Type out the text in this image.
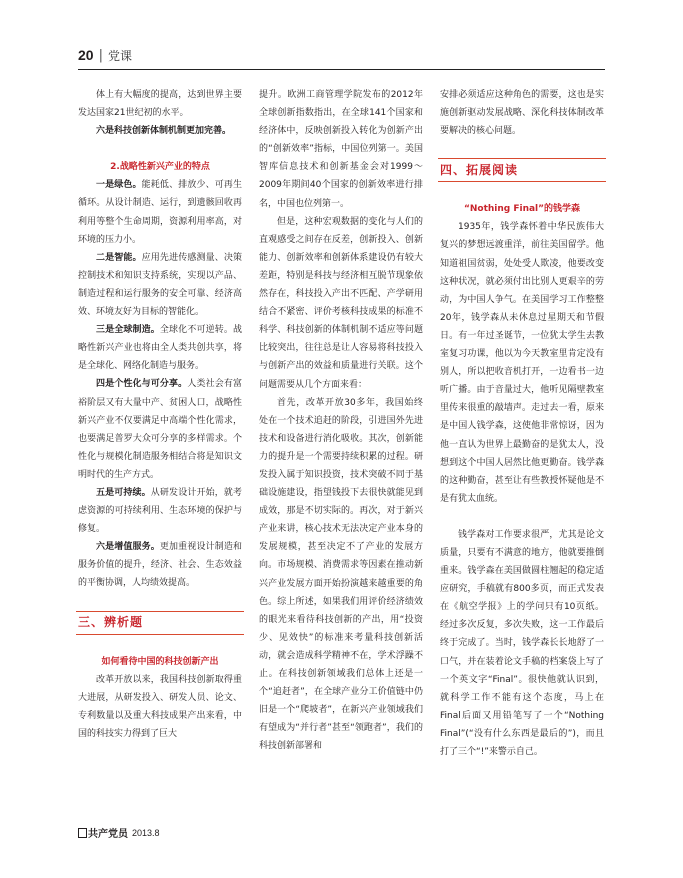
20 | 党课

体上有大幅度的提高，达到世界主要发达国家21世纪初的水平。

六是科技创新体制机制更加完善。

2.战略性新兴产业的特点

一是绿色。能耗低、排放少、可再生循环。从设计制造、运行，到遗骸回收再利用等整个生命周期，资源利用率高，对环境的压力小。

二是智能。应用先进传感测量、决策控制技术和知识支持系统，实现以产品、制造过程和运行服务的安全可靠、经济高效、环境友好为目标的智能化。

三是全球制造。全球化不可逆转。战略性新兴产业也将由全人类共创共享，将是全球化、网络化制造与服务。

四是个性化与可分享。人类社会有富裕阶层又有大量中产、贫困人口，战略性新兴产业不仅要满足中高端个性化需求，也要满足普罗大众可分享的多样需求。个性化与规模化制造服务相结合将是知识文明时代的生产方式。

五是可持续。从研发设计开始，就考虑资源的可持续利用、生态环境的保护与修复。

六是增值服务。更加重视设计制造和服务价值的提升，经济、社会、生态效益的平衡协调，人均绩效提高。

三、辨析题

如何看待中国的科技创新产出

改革开放以来，我国科技创新取得重大进展，从研发投入、研发人员、论文、专利数量以及重大科技成果产出来看，中国的科技实力得到了巨大

提升。欧洲工商管理学院发布的2012年全球创新指数指出，在全球141个国家和经济体中，反映创新投入转化为创新产出的“创新效率”指标，中国位列第一。美国智库信息技术和创新基金会对1999～2009年期间40个国家的创新效率进行排名，中国也位列第一。

但是，这种宏观数据的变化与人们的直观感受之间存在反差，创新投入、创新能力、创新效率和创新体系建设仍有较大差距，特别是科技与经济相互脱节现象依然存在，科技投入产出不匹配、产学研用结合不紧密、评价考核科技成果的标准不科学、科技创新的体制机制不适应等问题比较突出，往往总是让人容易将科技投入与创新产出的效益和质量进行关联。这个问题需要从几个方面来看：

首先，改革开放30多年，我国始终处在一个技术追赶的阶段，引进国外先进技术和设备进行消化吸收。其次，创新能力的提升是一个需要持续积累的过程。研发投入属于知识投资，技术突破不同于基础设施建设，指望钱投下去很快就能见到成效，那是不切实际的。再次，对于新兴产业来讲，核心技术无法决定产业本身的发展规模，甚至决定不了产业的发展方向。市场规模、消费需求等因素在推动新兴产业发展方面开始扮演越来越重要的角色。综上所述，如果我们用评价经济绩效的眼光来看待科技创新的产出，用“投资少、见效快”的标准来考量科技创新活动，就会造成科学精神不在，学术浮躁不止。在科技创新领域我们总体上还是一个“追赶者”，在全球产业分工价值链中仍旧是一个“爬坡者”，在新兴产业领域我们有望成为“并行者”甚至“领跑者”，我们的科技创新部署和

安排必须适应这种角色的需要，这也是实施创新驱动发展战略、深化科技体制改革要解决的核心问题。

四、拓展阅读

“Nothing Final”的钱学森

1935年，钱学森怀着中华民族伟大复兴的梦想远渡重洋，前往美国留学。他知道祖国贫弱，处处受人欺凌，他要改变这种状况，就必须付出比别人更艰辛的劳动，为中国人争气。在美国学习工作整整20年，钱学森从未休息过星期天和节假日。有一年过圣诞节，一位犹太学生去教室复习功课，他以为今天教室里肯定没有别人，所以把收音机打开，一边看书一边听广播。由于音量过大，他听见隔壁教室里传来很重的敲墙声。走过去一看，原来是中国人钱学森，这使他非常惊讶，因为他一直认为世界上最勤奋的是犹太人，没想到这个中国人居然比他更勤奋。钱学森的这种勤奋，甚至让有些教授怀疑他是不是有犹太血统。

钱学森对工作要求很严，尤其是论文质量，只要有不满意的地方，他就要推倒重来。钱学森在美国做圆柱翘起的稳定适应研究，手稿就有800多页，而正式发表在《航空学报》上的学问只有10页纸。经过多次反复，多次失败，这一工作最后终于完成了。当时，钱学森长长地舒了一口气，并在装着论文手稿的档案袋上写了一个英文字“Final”。很快他就认识到，就科学工作不能有这个态度，马上在Final后面又用铅笔写了一个“Nothing Final”(“没有什么东西是最后的”)，而且打了三个“!”来警示自己。

共产党员 2013.8
